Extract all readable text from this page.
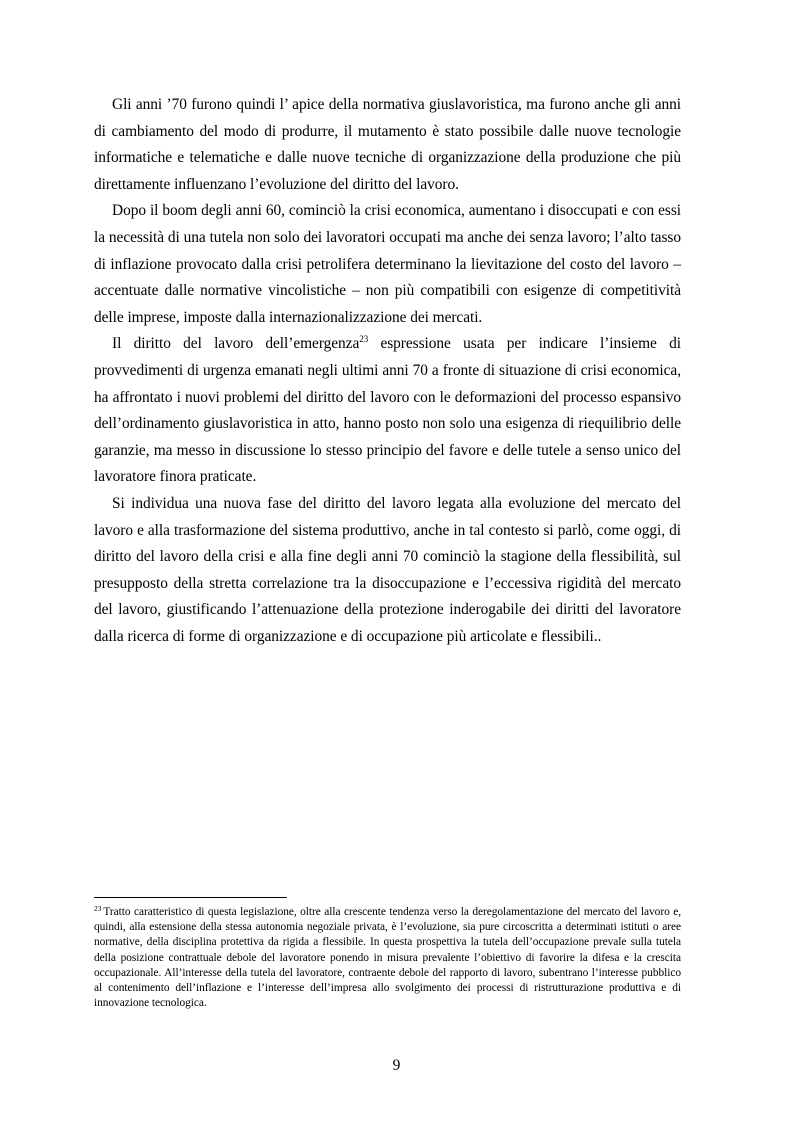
Gli anni ’70 furono quindi l’ apice della normativa giuslavoristica, ma furono anche gli anni di cambiamento del modo di produrre, il mutamento è stato possibile dalle nuove tecnologie informatiche e telematiche e dalle nuove tecniche di organizzazione della produzione che più direttamente influenzano l’evoluzione del diritto del lavoro.

Dopo il boom degli anni 60, cominciò la crisi economica, aumentano i disoccupati e con essi la necessità di una tutela non solo dei lavoratori occupati ma anche dei senza lavoro; l’alto tasso di inflazione provocato dalla crisi petrolifera determinano la lievitazione del costo del lavoro – accentuate dalle normative vincolistiche – non più compatibili con esigenze di competitività delle imprese, imposte dalla internazionalizzazione dei mercati.

Il diritto del lavoro dell’emergenza$^{23}$ espressione usata per indicare l’insieme di provvedimenti di urgenza emanati negli ultimi anni 70 a fronte di situazione di crisi economica, ha affrontato i nuovi problemi del diritto del lavoro con le deformazioni del processo espansivo dell’ordinamento giuslavoristica in atto, hanno posto non solo una esigenza di riequilibrio delle garanzie, ma messo in discussione lo stesso principio del favore e delle tutele a senso unico del lavoratore finora praticate.

Si individua una nuova fase del diritto del lavoro legata alla evoluzione del mercato del lavoro e alla trasformazione del sistema produttivo, anche in tal contesto si parlò, come oggi, di diritto del lavoro della crisi e alla fine degli anni 70 cominciò la stagione della flessibilità, sul presupposto della stretta correlazione tra la disoccupazione e l’eccessiva rigidità del mercato del lavoro, giustificando l’attenuazione della protezione inderogabile dei diritti del lavoratore dalla ricerca di forme di organizzazione e di occupazione più articolate e flessibili..

$^{23}$ Tratto caratteristico di questa legislazione, oltre alla crescente tendenza verso la deregolamentazione del mercato del lavoro e, quindi, alla estensione della stessa autonomia negoziale privata, è l’evoluzione, sia pure circoscritta a determinati istituti o aree normative, della disciplina protettiva da rigida a flessibile. In questa prospettiva la tutela dell’occupazione prevale sulla tutela della posizione contrattuale debole del lavoratore ponendo in misura prevalente l’obiettivo di favorire la difesa e la crescita occupazionale. All’interesse della tutela del lavoratore, contraente debole del rapporto di lavoro, subentrano l’interesse pubblico al contenimento dell’inflazione e l’interesse dell’impresa allo svolgimento dei processi di ristrutturazione produttiva e di innovazione tecnologica.

9
